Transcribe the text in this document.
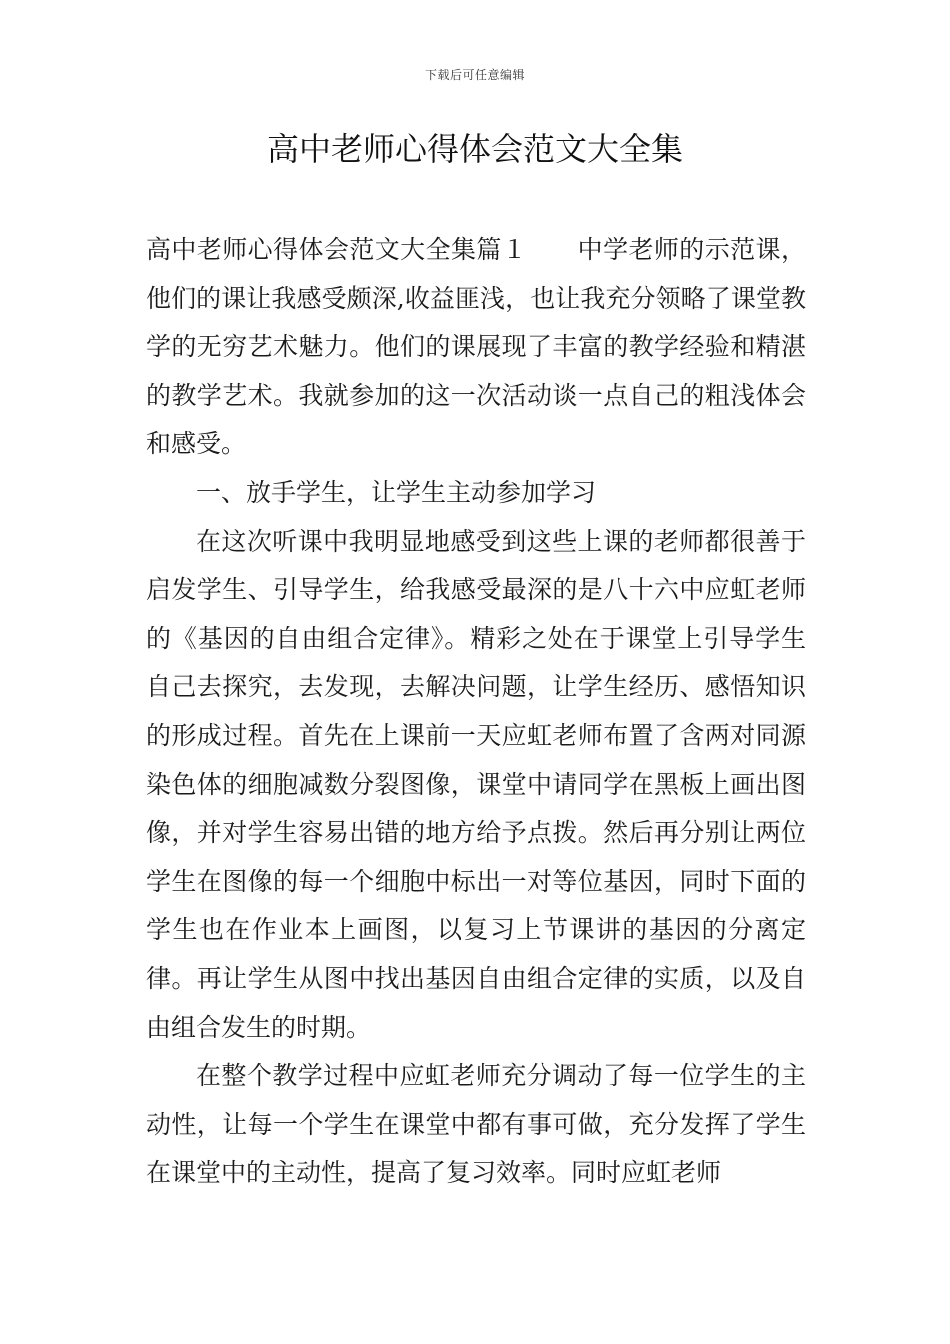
下载后可任意编辑
高中老师心得体会范文大全集

高中老师心得体会范文大全集篇１ 中学老师的示范课，他们的课让我感受颇深,收益匪浅，也让我充分领略了课堂教学的无穷艺术魅力。他们的课展现了丰富的教学经验和精湛的教学艺术。我就参加的这一次活动谈一点自己的粗浅体会和感受。

一、放手学生，让学生主动参加学习

在这次听课中我明显地感受到这些上课的老师都很善于启发学生、引导学生，给我感受最深的是八十六中应虹老师的《基因的自由组合定律》。精彩之处在于课堂上引导学生自己去探究，去发现，去解决问题，让学生经历、感悟知识的形成过程。首先在上课前一天应虹老师布置了含两对同源染色体的细胞减数分裂图像，课堂中请同学在黑板上画出图像，并对学生容易出错的地方给予点拨。然后再分别让两位学生在图像的每一个细胞中标出一对等位基因，同时下面的学生也在作业本上画图，以复习上节课讲的基因的分离定律。再让学生从图中找出基因自由组合定律的实质，以及自由组合发生的时期。

在整个教学过程中应虹老师充分调动了每一位学生的主动性，让每一个学生在课堂中都有事可做，充分发挥了学生在课堂中的主动性，提高了复习效率。同时应虹老师
